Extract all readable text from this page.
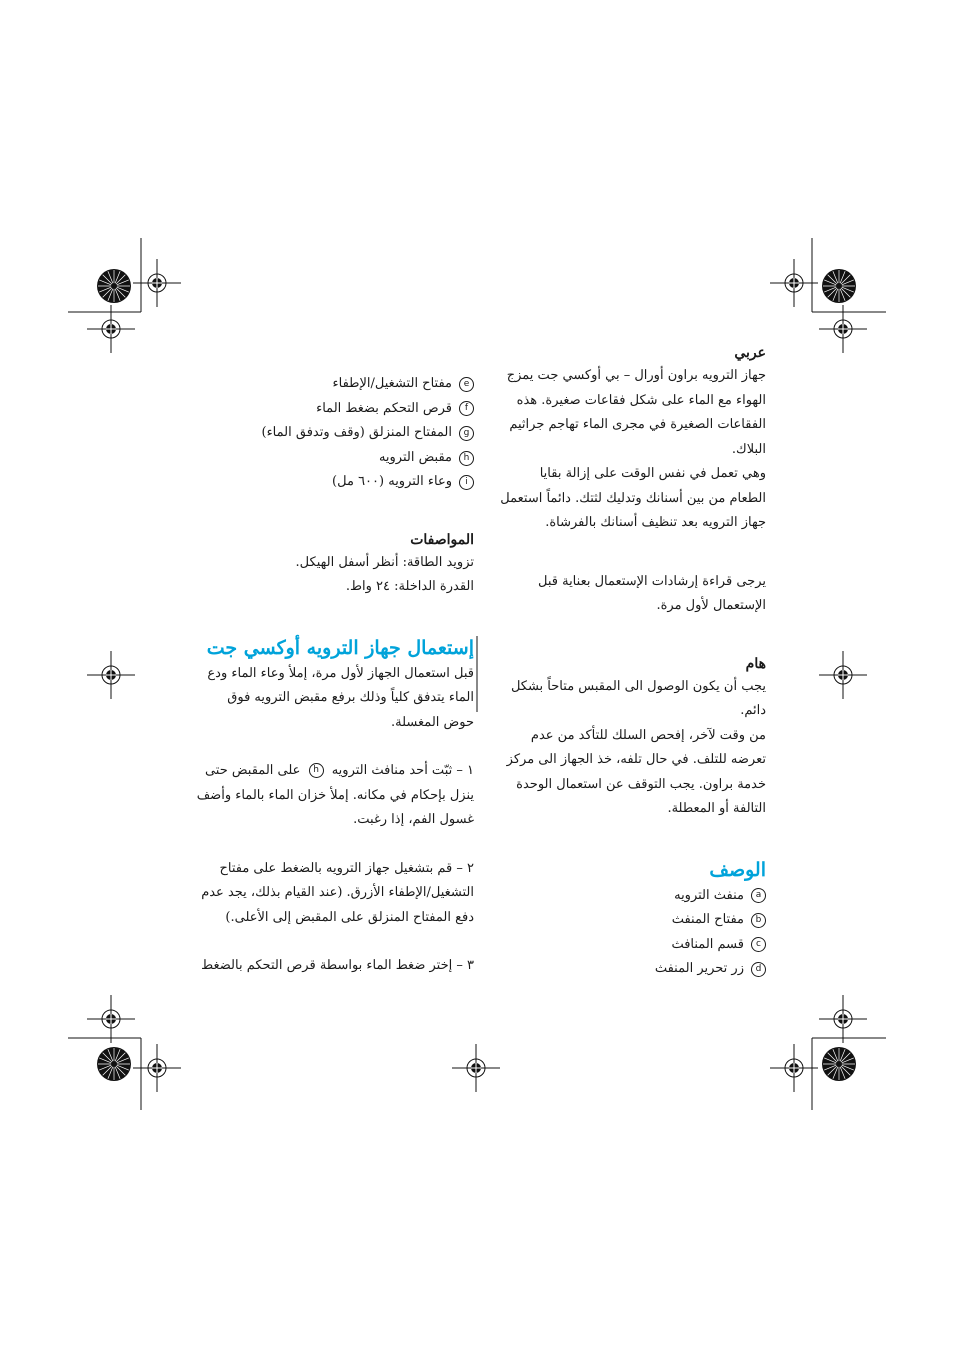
عربي

جهاز الترويه براون أورال – بي أوكسي جت يمزج الهواء مع الماء على شكل فقاعات صغيرة. هذه الفقاعات الصغيرة في مجرى الماء تهاجم جراثيم البلاك.

وهي تعمل في نفس الوقت على إزالة بقايا الطعام من بين أسنانك وتدليك لثتك. دائماً استعمل جهاز الترويه بعد تنظيف أسنانك بالفرشاة.

يرجى قراءة إرشادات الإستعمال بعناية قبل الإستعمال لأول مرة.

هام

يجب أن يكون الوصول الى المقبس متاحاً بشكل دائم.

من وقت لآخر، إفحص السلك للتأكد من عدم تعرضه للتلف. في حال تلفه، خذ الجهاز الى مركز خدمة براون. يجب التوقف عن استعمال الوحدة التالفة أو المعطلة.

الوصف

a
منفث الترويه
b
مفتاح المنفث
c
قسم المنافث
d
زر تحرير المنفث
e
مفتاح التشغيل/الإطفاء
f
قرص التحكم بضغط الماء
g
المفتاح المنزلق (وقف وتدفق الماء)
h
مقبض الترويه
i
وعاء الترويه (٦٠٠ مل)

المواصفات

تزويد الطاقة: أنظر أسفل الهيكل.

القدرة الداخلة: ٢٤ واط.

إستعمال جهاز الترويه أوكسي جت

قبل استعمال الجهاز لأول مرة، إملأ وعاء الماء ودع الماء يتدفق كلياً وذلك برفع مقبض الترويه فوق حوض المغسلة.

١ – ثبّت أحد منافث الترويه h على المقبض حتى ينزل بإحكام في مكانه. إملأ خزان الماء بالماء وأضف غسول الفم، إذا رغبت.

٢ – قم بتشغيل جهاز الترويه بالضغط على مفتاح التشغيل/الإطفاء الأزرق. (عند القيام بذلك، يجد عدم دفع المفتاح المنزلق على المقبض إلى الأعلى.)

٣ – إختر ضغط الماء بواسطة قرص التحكم بالضغط
